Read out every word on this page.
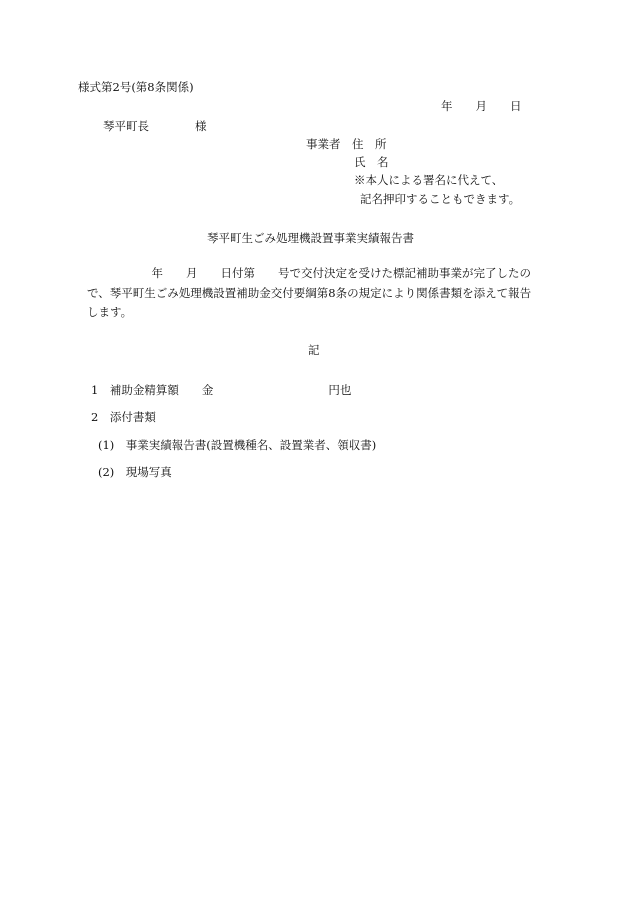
様式第2号(第8条関係)
年　　月　　日
琴平町長　　　　様
事業者　住　所
氏　名
※本人による署名に代えて、
記名押印することもできます。
琴平町生ごみ処理機設置事業実績報告書
　　　　　年　　月　　日付第　　号で交付決定を受けた標記補助事業が完了したの
で、琴平町生ごみ処理機設置補助金交付要綱第8条の規定により関係書類を添えて報告
します。
記
1　補助金精算額　　金　　　　　　　　　　円也
2　添付書類
(1)　事業実績報告書(設置機種名、設置業者、領収書)
(2)　現場写真
